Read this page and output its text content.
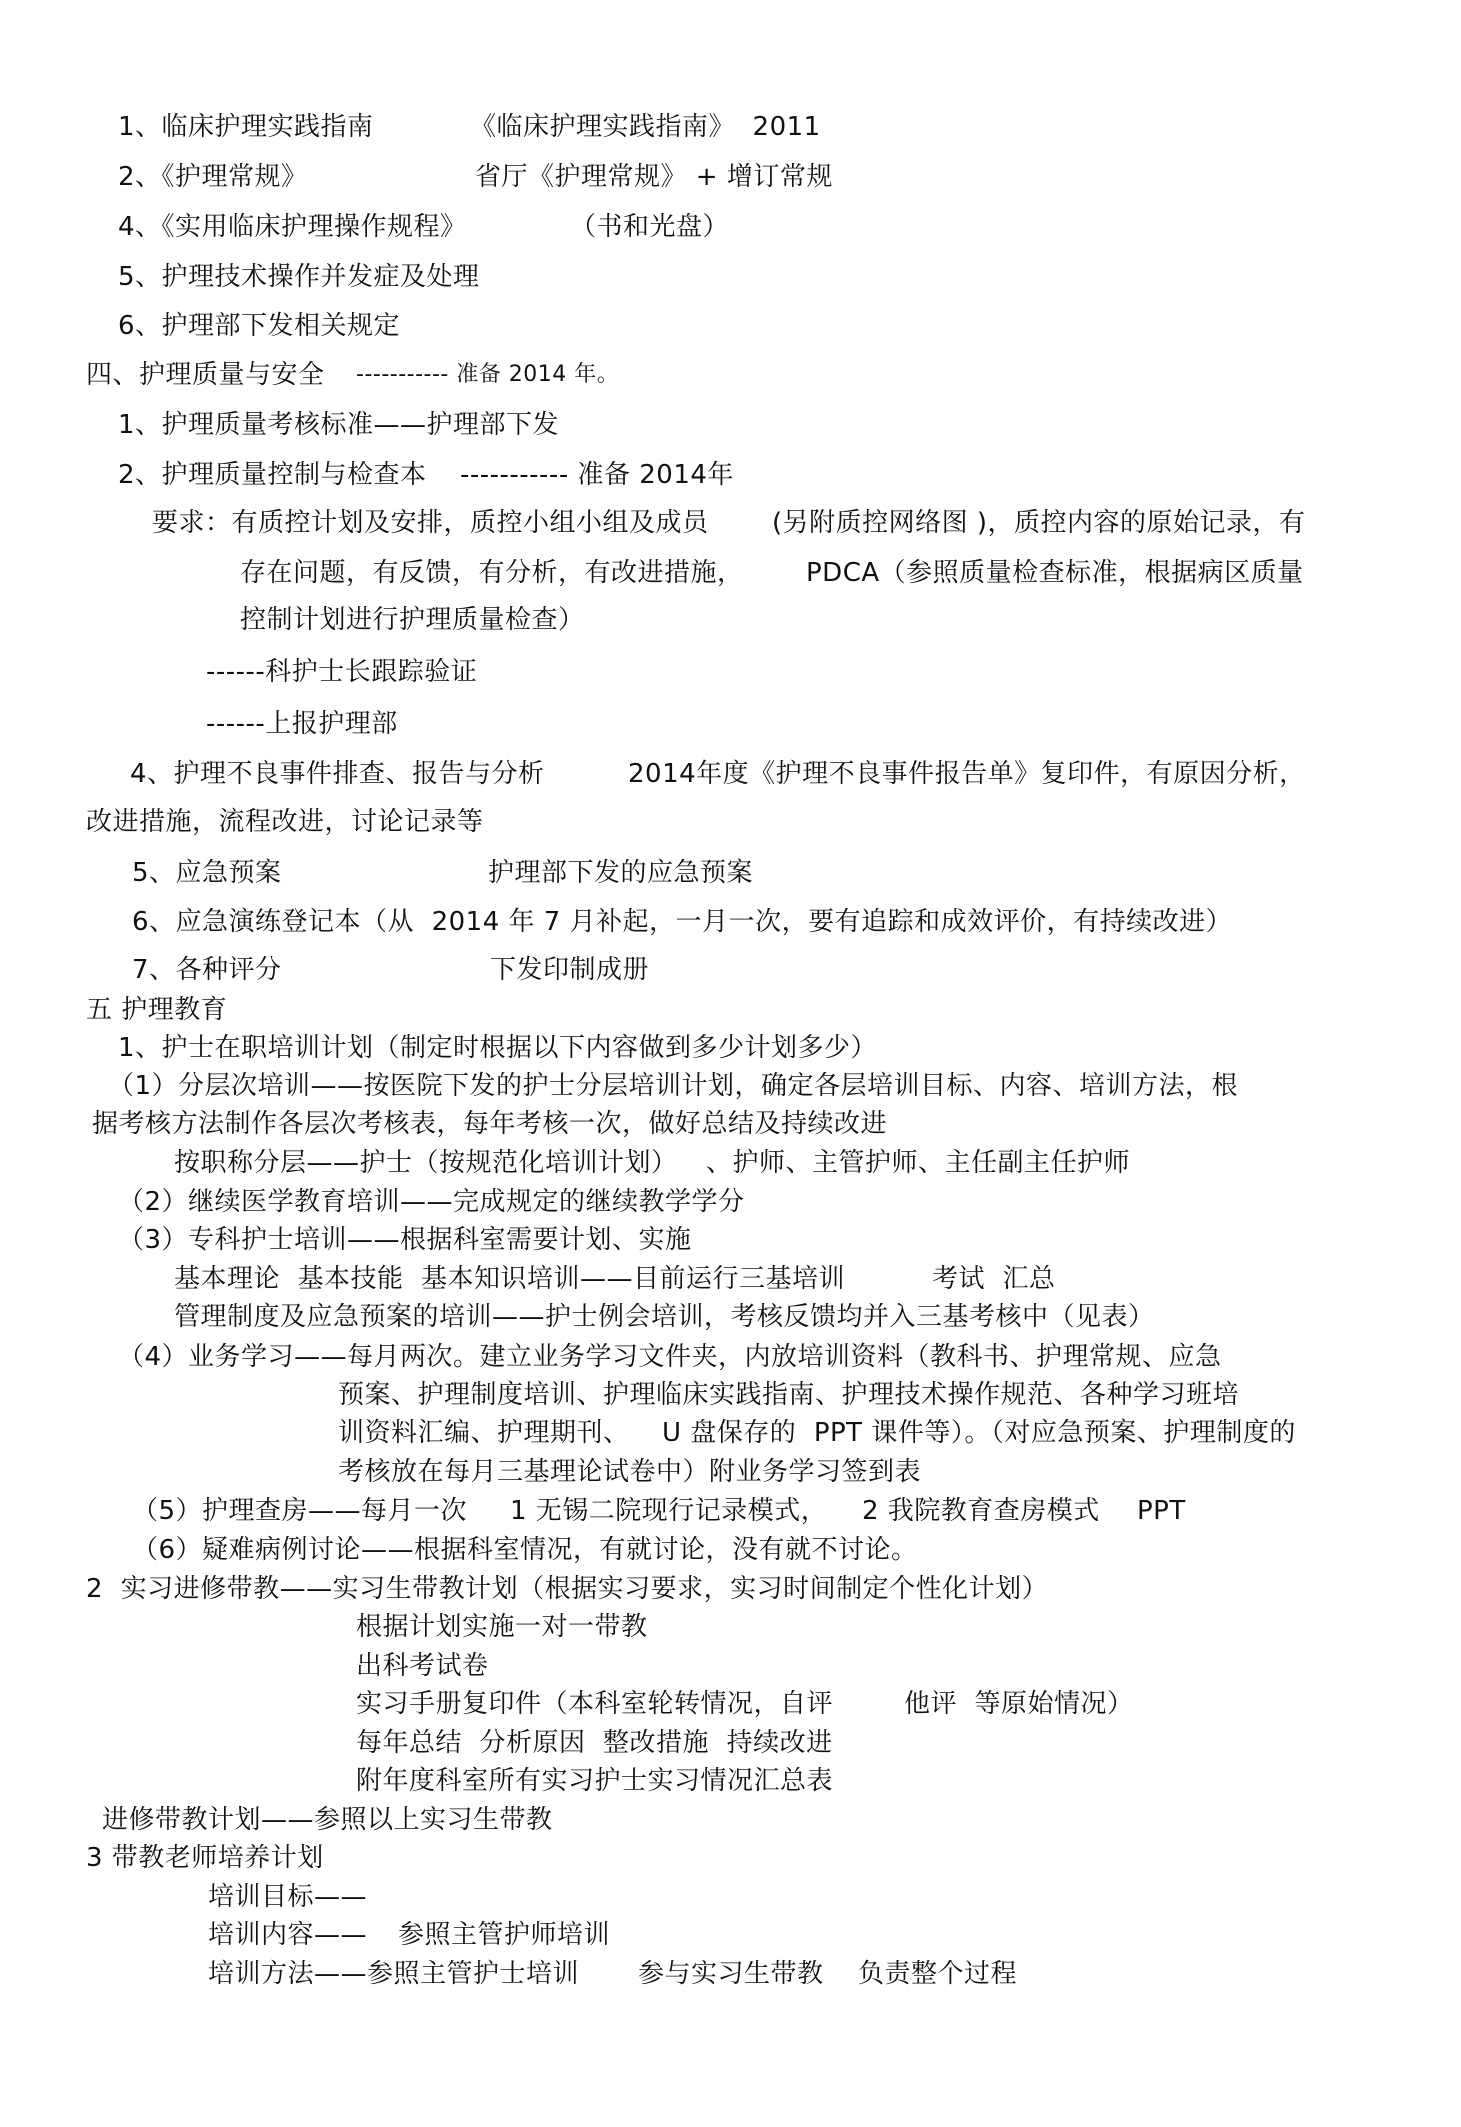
1、临床护理实践指南

	《临床护理实践指南》  2011

2、《护理常规》

	省厅《护理常规》 + 增订常规

4、《实用临床护理操作规程》

	（书和光盘）

5、护理技术操作并发症及处理
6、护理部下发相关规定

四、护理质量与安全

----------- 准备 2014 年。

1、护理质量考核标准——护理部下发

2、护理质量控制与检查本

----------- 准备 2014年

要求：有质控计划及安排，质控小组小组及成员

(另附质控网络图 )，质控内容的原始记录，有

存在问题，有反馈，有分析，有改进措施，

PDCA（参照质量检查标准，根据病区质量

控制计划进行护理质量检查）
------科护士长跟踪验证
------上报护理部

4、护理不良事件排查、报告与分析

	2014年度《护理不良事件报告单》复印件，有原因分析，

改进措施，流程改进，讨论记录等

5、应急预案

	护理部下发的应急预案

6、应急演练登记本（从  2014 年 7 月补起，一月一次，要有追踪和成效评价，有持续改进）

7、各种评分

	下发印制成册

五 护理教育
1、护士在职培训计划（制定时根据以下内容做到多少计划多少）
（1）分层次培训——按医院下发的护士分层培训计划，确定各层培训目标、内容、培训方法，根
据考核方法制作各层次考核表，每年考核一次，做好总结及持续改进

按职称分层——护士（按规范化培训计划）

、护师、主管护师、主任副主任护师

（2）继续医学教育培训——完成规定的继续教学学分
（3）专科护士培训——根据科室需要计划、实施

基本理论  基本技能  基本知识培训——目前运行三基培训

	考试  汇总

管理制度及应急预案的培训——护士例会培训，考核反馈均并入三基考核中（见表）
（4）业务学习——每月两次。建立业务学习文件夹，内放培训资料（教科书、护理常规、应急
预案、护理制度培训、护理临床实践指南、护理技术操作规范、各种学习班培

训资料汇编、护理期刊、

U 盘保存的  PPT 课件等）。（对应急预案、护理制度的

考核放在每月三基理论试卷中）附业务学习签到表

（5）护理查房——每月一次

1 无锡二院现行记录模式，

2 我院教育查房模式

PPT

（6）疑难病例讨论——根据科室情况，有就讨论，没有就不讨论。
2  实习进修带教——实习生带教计划（根据实习要求，实习时间制定个性化计划）
根据计划实施一对一带教
出科考试卷

实习手册复印件（本科室轮转情况，自评

	他评  等原始情况）

每年总结  分析原因  整改措施  持续改进
附年度科室所有实习护士实习情况汇总表
进修带教计划——参照以上实习生带教
3 带教老师培养计划
培训目标——

培训内容——

参照主管护师培训

培训方法——参照主管护士培训

参与实习生带教

负责整个过程
